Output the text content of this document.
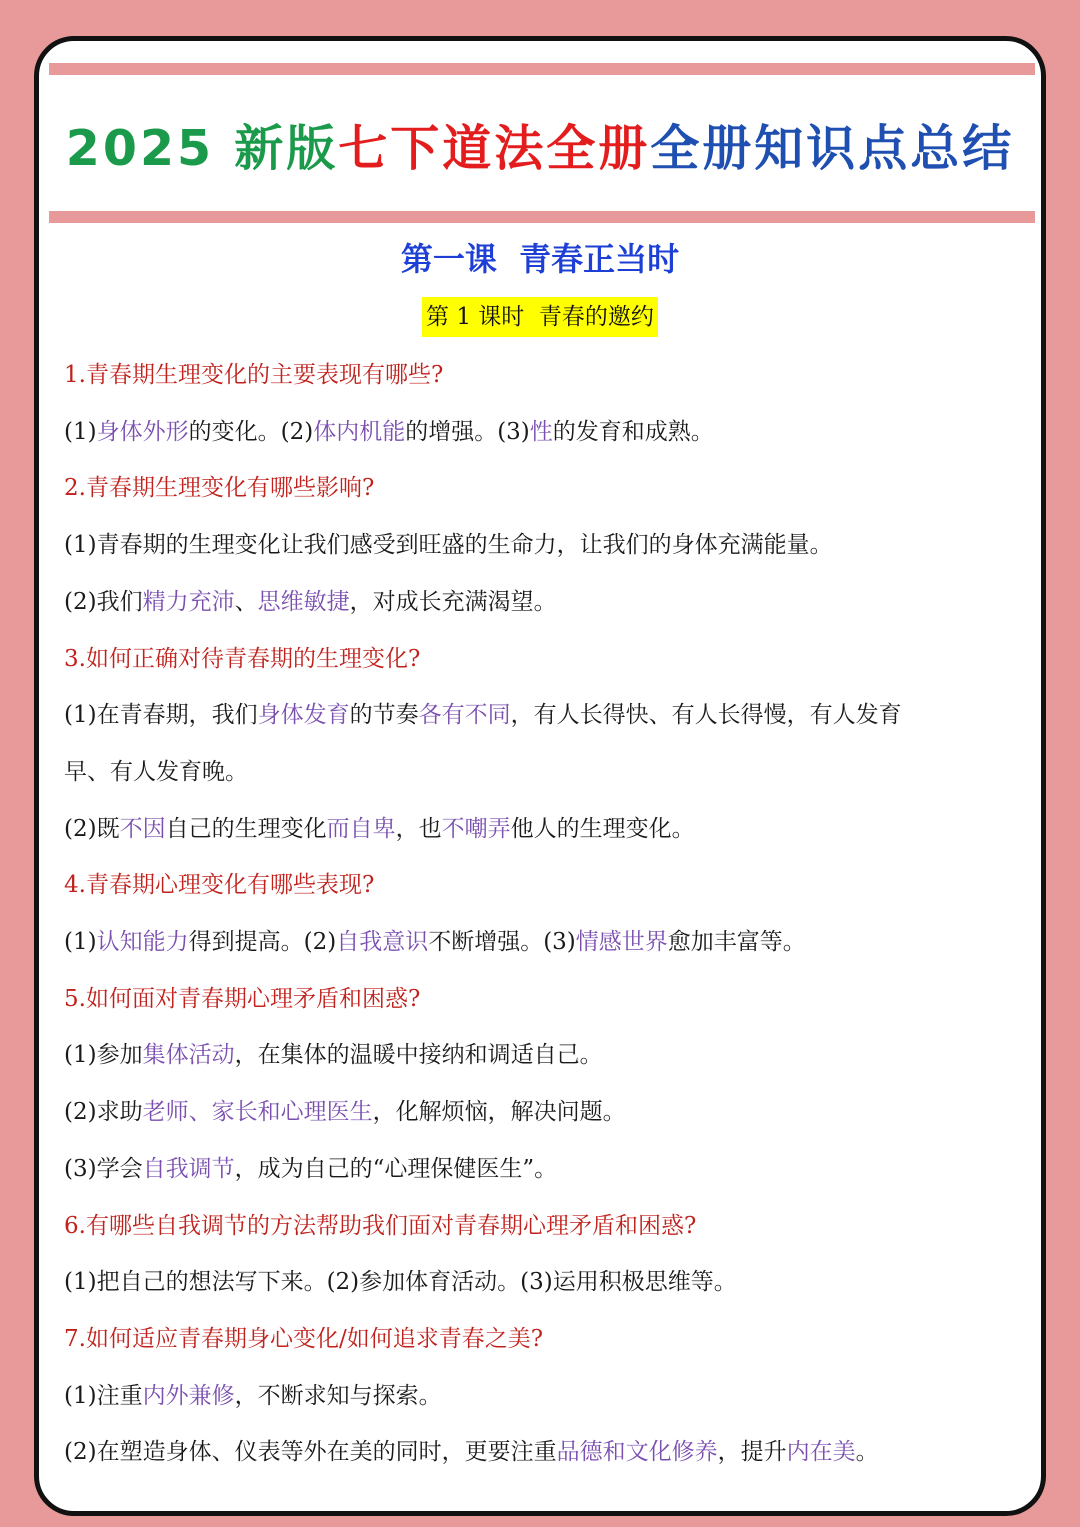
2025 新版七下道法全册全册知识点总结
第一课  青春正当时
第 1 课时  青春的邀约
1.青春期生理变化的主要表现有哪些?
(1)身体外形的变化。(2)体内机能的增强。(3)性的发育和成熟。
2.青春期生理变化有哪些影响?
(1)青春期的生理变化让我们感受到旺盛的生命力，让我们的身体充满能量。
(2)我们精力充沛、思维敏捷，对成长充满渴望。
3.如何正确对待青春期的生理变化?
(1)在青春期，我们身体发育的节奏各有不同，有人长得快、有人长得慢，有人发育
早、有人发育晚。
(2)既不因自己的生理变化而自卑，也不嘲弄他人的生理变化。
4.青春期心理变化有哪些表现?
(1)认知能力得到提高。(2)自我意识不断增强。(3)情感世界愈加丰富等。
5.如何面对青春期心理矛盾和困惑?
(1)参加集体活动，在集体的温暖中接纳和调适自己。
(2)求助老师、家长和心理医生，化解烦恼，解决问题。
(3)学会自我调节，成为自己的“心理保健医生”。
6.有哪些自我调节的方法帮助我们面对青春期心理矛盾和困惑?
(1)把自己的想法写下来。(2)参加体育活动。(3)运用积极思维等。
7.如何适应青春期身心变化/如何追求青春之美?
(1)注重内外兼修，不断求知与探索。
(2)在塑造身体、仪表等外在美的同时，更要注重品德和文化修养，提升内在美。
